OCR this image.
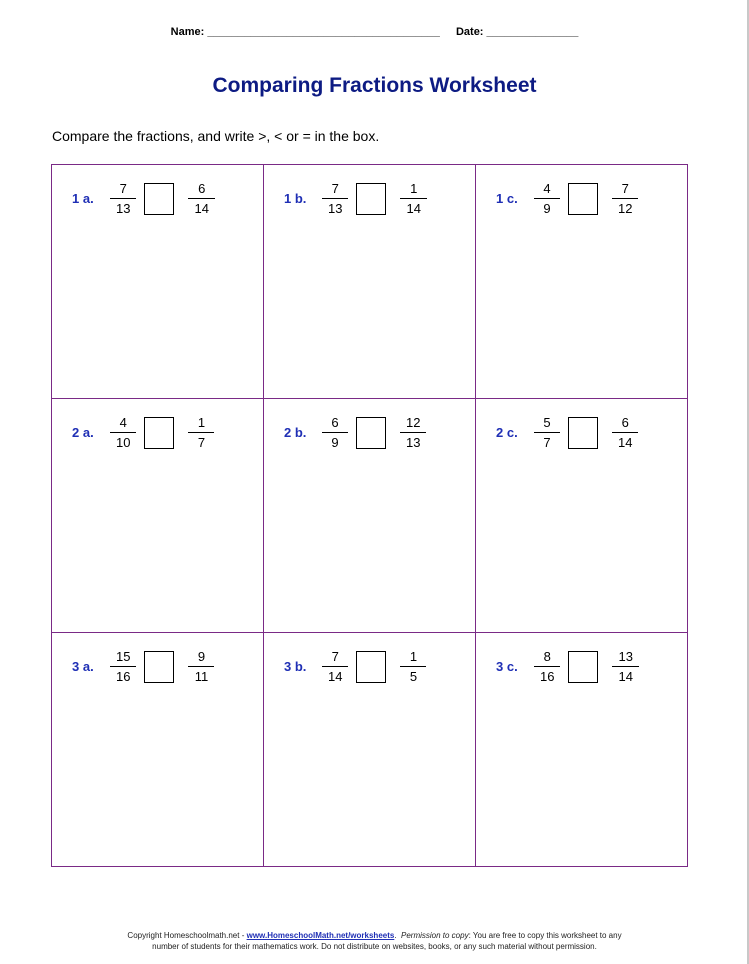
Name: ______________________________________ Date: _______________
Comparing Fractions Worksheet
Compare the fractions, and write >, < or = in the box.
1 a.	$\frac{7}{13}$	$\frac{6}{14}$	1 b.	$\frac{7}{13}$	$\frac{1}{14}$	1 c.	$\frac{4}{9}$	$\frac{7}{12}$
2 a.	$\frac{4}{10}$	$\frac{1}{7}$	2 b.	$\frac{6}{9}$	$\frac{12}{13}$	2 c.	$\frac{5}{7}$	$\frac{6}{14}$
3 a.	$\frac{15}{16}$	$\frac{9}{11}$	3 b.	$\frac{7}{14}$	$\frac{1}{5}$	3 c.	$\frac{8}{16}$	$\frac{13}{14}$
Copyright Homeschoolmath.net - www.HomeschoolMath.net/worksheets.  Permission to copy: You are free to copy this worksheet to any
number of students for their mathematics work. Do not distribute on websites, books, or any such material without permission.
